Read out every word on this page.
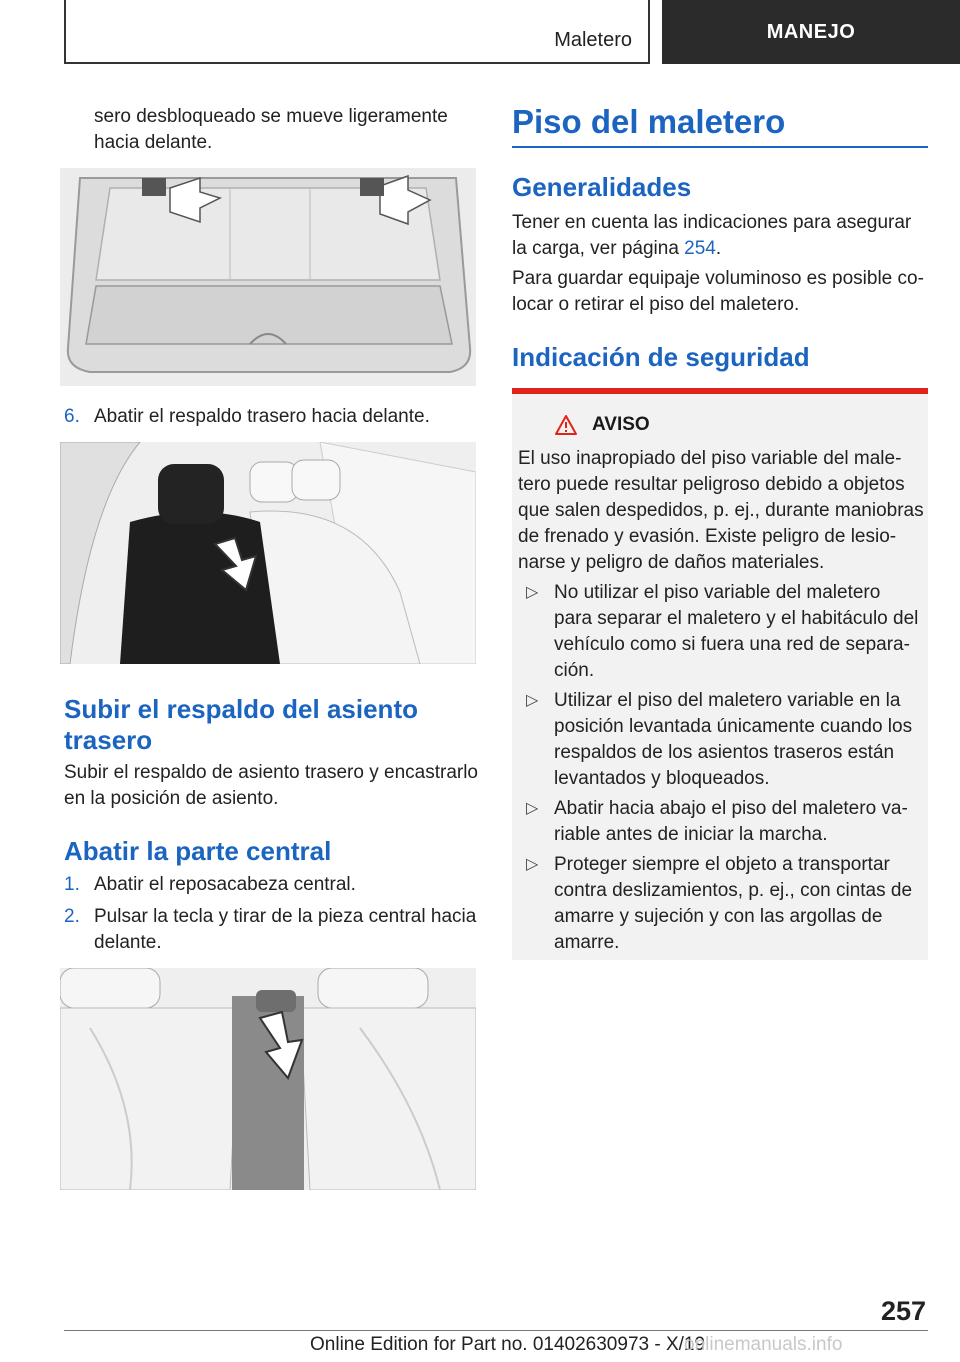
Maletero	MANEJO
sero desbloqueado se mueve ligeramente
hacia delante.
6. Abatir el respaldo trasero hacia delante.
Subir el respaldo del asiento
trasero
Subir el respaldo de asiento trasero y encastrarlo
en la posición de asiento.
Abatir la parte central
1. Abatir el reposacabeza central.
2. Pulsar la tecla y tirar de la pieza central hacia
delante.
Piso del maletero
Generalidades
Tener en cuenta las indicaciones para asegurar
la carga, ver página 254.
Para guardar equipaje voluminoso es posible co-
locar o retirar el piso del maletero.
Indicación de seguridad
AVISO
El uso inapropiado del piso variable del male-
tero puede resultar peligroso debido a objetos
que salen despedidos, p. ej., durante maniobras
de frenado y evasión. Existe peligro de lesio-
narse y peligro de daños materiales.
▷ No utilizar el piso variable del maletero
para separar el maletero y el habitáculo del
vehículo como si fuera una red de separa-
ción.
▷ Utilizar el piso del maletero variable en la
posición levantada únicamente cuando los
respaldos de los asientos traseros están
levantados y bloqueados.
▷ Abatir hacia abajo el piso del maletero va-
riable antes de iniciar la marcha.
▷ Proteger siempre el objeto a transportar
contra deslizamientos, p. ej., con cintas de
amarre y sujeción y con las argollas de
amarre.
257
Online Edition for Part no. 01402630973 - X/19
onlinemanuals.info
